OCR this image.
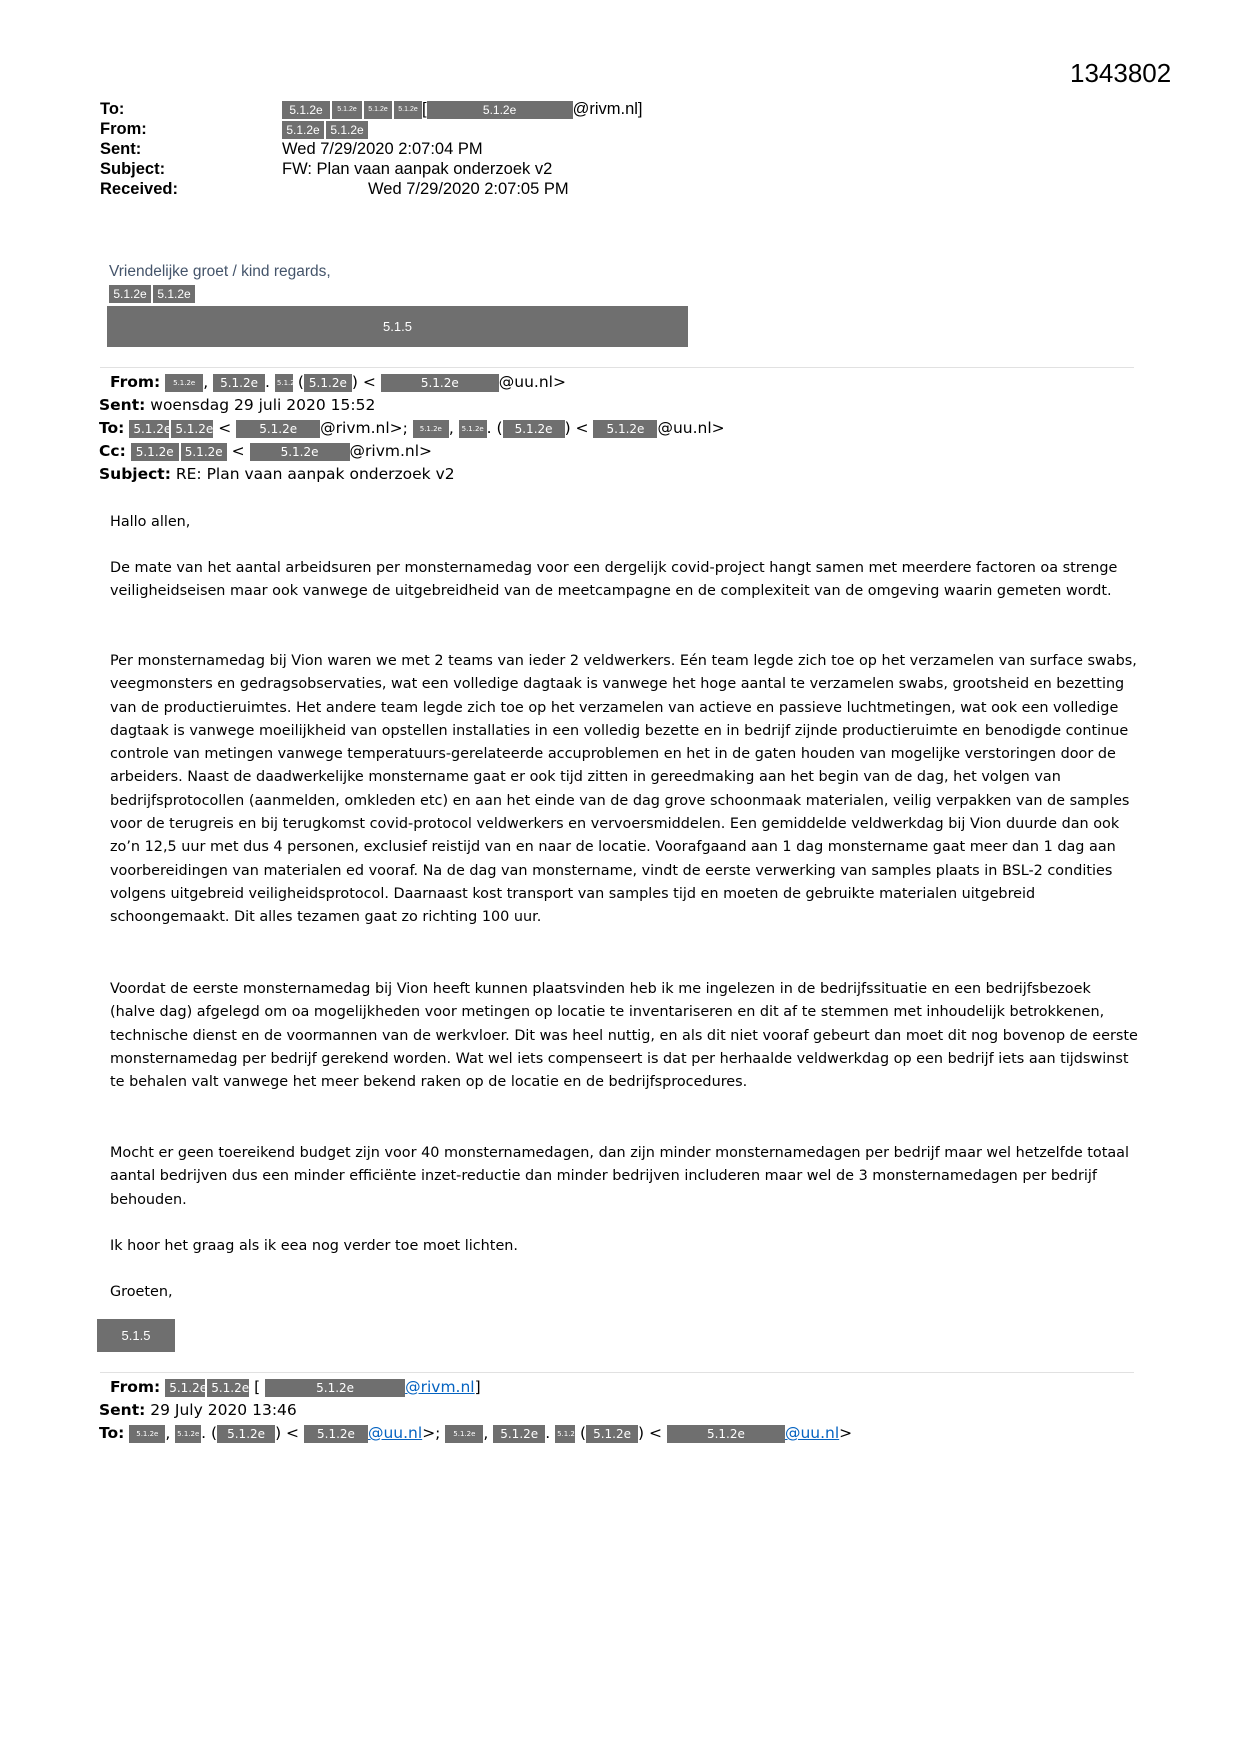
1343802
To:	5.1.2e 5.1.2e 5.1.2e 5.1.2e [	5.1.2e	@rivm.nl]
From:	5.1.2e 5.1.2e
Sent:	Wed 7/29/2020 2:07:04 PM
Subject:	FW: Plan vaan aanpak onderzoek v2
Received:	Wed 7/29/2020 2:07:05 PM
Vriendelijke groet / kind regards,
5.1.2e 5.1.2e
5.1.5
From: 5.1.2e , 5.1.2e . 5.1.2e ( 5.1.2e ) <	5.1.2e	@uu.nl>
Sent: woensdag 29 juli 2020 15:52
To: 5.1.2e 5.1.2e < 5.1.2e @rivm.nl>; 5.1.2e , 5.1.2e . ( 5.1.2e ) < 5.1.2e @uu.nl>
Cc: 5.1.2e 5.1.2e <	5.1.2e @rivm.nl>
Subject: RE: Plan vaan aanpak onderzoek v2

Hallo allen,

De mate van het aantal arbeidsuren per monsternamedag voor een dergelijk covid-project hangt samen met meerdere factoren oa strenge veiligheidseisen maar ook vanwege de uitgebreidheid van de meetcampagne en de complexiteit van de omgeving waarin gemeten wordt.

Per monsternamedag bij Vion waren we met 2 teams van ieder 2 veldwerkers. Eén team legde zich toe op het verzamelen van surface swabs, veegmonsters en gedragsobservaties, wat een volledige dagtaak is vanwege het hoge aantal te verzamelen swabs, grootsheid en bezetting van de productieruimtes. Het andere team legde zich toe op het verzamelen van actieve en passieve luchtmetingen, wat ook een volledige dagtaak is vanwege moeilijkheid van opstellen installaties in een volledig bezette en in bedrijf zijnde productieruimte en benodigde continue controle van metingen vanwege temperatuurs-gerelateerde accuproblemen en het in de gaten houden van mogelijke verstoringen door de arbeiders. Naast de daadwerkelijke monstername gaat er ook tijd zitten in gereedmaking aan het begin van de dag, het volgen van bedrijfsprotocollen (aanmelden, omkleden etc) en aan het einde van de dag grove schoonmaak materialen, veilig verpakken van de samples voor de terugreis en bij terugkomst covid-protocol veldwerkers en vervoersmiddelen. Een gemiddelde veldwerkdag bij Vion duurde dan ook zo’n 12,5 uur met dus 4 personen, exclusief reistijd van en naar de locatie. Voorafgaand aan 1 dag monstername gaat meer dan 1 dag aan voorbereidingen van materialen ed vooraf. Na de dag van monstername, vindt de eerste verwerking van samples plaats in BSL-2 condities volgens uitgebreid veiligheidsprotocol. Daarnaast kost transport van samples tijd en moeten de gebruikte materialen uitgebreid schoongemaakt. Dit alles tezamen gaat zo richting 100 uur.

Voordat de eerste monsternamedag bij Vion heeft kunnen plaatsvinden heb ik me ingelezen in de bedrijfssituatie en een bedrijfsbezoek (halve dag) afgelegd om oa mogelijkheden voor metingen op locatie te inventariseren en dit af te stemmen met inhoudelijk betrokkenen, technische dienst en de voormannen van de werkvloer. Dit was heel nuttig, en als dit niet vooraf gebeurt dan moet dit nog bovenop de eerste monsternamedag per bedrijf gerekend worden. Wat wel iets compenseert is dat per herhaalde veldwerkdag op een bedrijf iets aan tijdswinst te behalen valt vanwege het meer bekend raken op de locatie en de bedrijfsprocedures.

Mocht er geen toereikend budget zijn voor 40 monsternamedagen, dan zijn minder monsternamedagen per bedrijf maar wel hetzelfde totaal aantal bedrijven dus een minder efficiënte inzet-reductie dan minder bedrijven includeren maar wel de 3 monsternamedagen per bedrijf behouden.

Ik hoor het graag als ik eea nog verder toe moet lichten.

Groeten,

5.1.5
From: 5.1.2e 5.1.2e [	5.1.2e	@rivm.nl]
Sent: 29 July 2020 13:46
To: 5.1.2e , 5.1.2e . ( 5.1.2e ) < 5.1.2e @uu.nl>; 5.1.2e , 5.1.2e . 5.1.2e ( 5.1.2e ) <	5.1.2e	@uu.nl>
